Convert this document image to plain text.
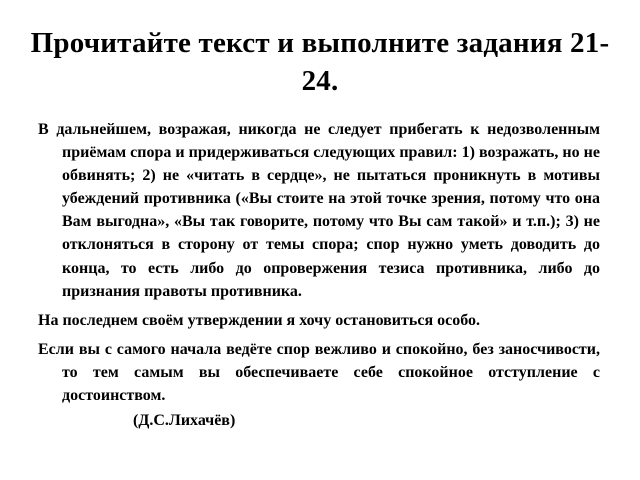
Прочитайте текст и выполните задания 21-24.

В дальнейшем, возражая, никогда не следует прибегать к недозволенным приёмам спора и придерживаться следующих правил: 1) возражать, но не обвинять; 2) не «читать в сердце», не пытаться проникнуть в мотивы убеждений противника («Вы стоите на этой точке зрения, потому что она Вам выгодна», «Вы так говорите, потому что Вы сам такой» и т.п.); 3) не отклоняться в сторону от темы спора; спор нужно уметь доводить до конца, то есть либо до опровержения тезиса противника, либо до признания правоты противника.

На последнем своём утверждении я хочу остановиться особо.

Если вы с самого начала ведёте спор вежливо и спокойно, без заносчивости, то тем самым вы обеспечиваете себе спокойное отступление с достоинством.

(Д.С.Лихачёв)
